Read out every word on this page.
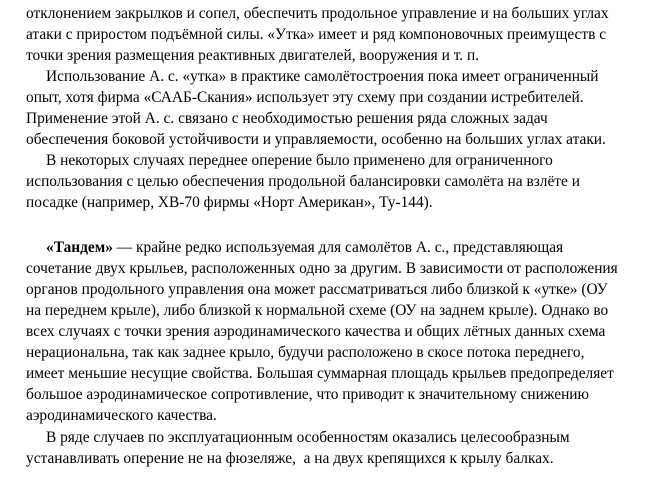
отклонением закрылков и сопел, обеспечить продольное управление и на больших углах
атаки с приростом подъёмной силы. «Утка» имеет и ряд компоновочных преимуществ с
точки зрения размещения реактивных двигателей, вооружения и т. п.
Использование А. с. «утка» в практике самолётостроения пока имеет ограниченный
опыт, хотя фирма «СААБ-Скания» использует эту схему при создании истребителей.
Применение этой А. с. связано с необходимостью решения ряда сложных задач
обеспечения боковой устойчивости и управляемости, особенно на больших углах атаки.
В некоторых случаях переднее оперение было применено для ограниченного
использования с целью обеспечения продольной балансировки самолёта на взлёте и
посадке (например, ХВ-70 фирмы «Норт Американ», Ту-144).
«Тандем» — крайне редко используемая для самолётов А. с., представляющая
сочетание двух крыльев, расположенных одно за другим. В зависимости от расположения
органов продольного управления она может рассматриваться либо близкой к «утке» (ОУ
на переднем крыле), либо близкой к нормальной схеме (ОУ на заднем крыле). Однако во
всех случаях с точки зрения аэродинамического качества и общих лётных данных схема
нерациональна, так как заднее крыло, будучи расположено в скосе потока переднего,
имеет меньшие несущие свойства. Большая суммарная площадь крыльев предопределяет
большое аэродинамическое сопротивление, что приводит к значительному снижению
аэродинамического качества.
В ряде случаев по эксплуатационным особенностям оказались целесообразным
устанавливать оперение не на фюзеляже,  а на двух крепящихся к крылу балках.
